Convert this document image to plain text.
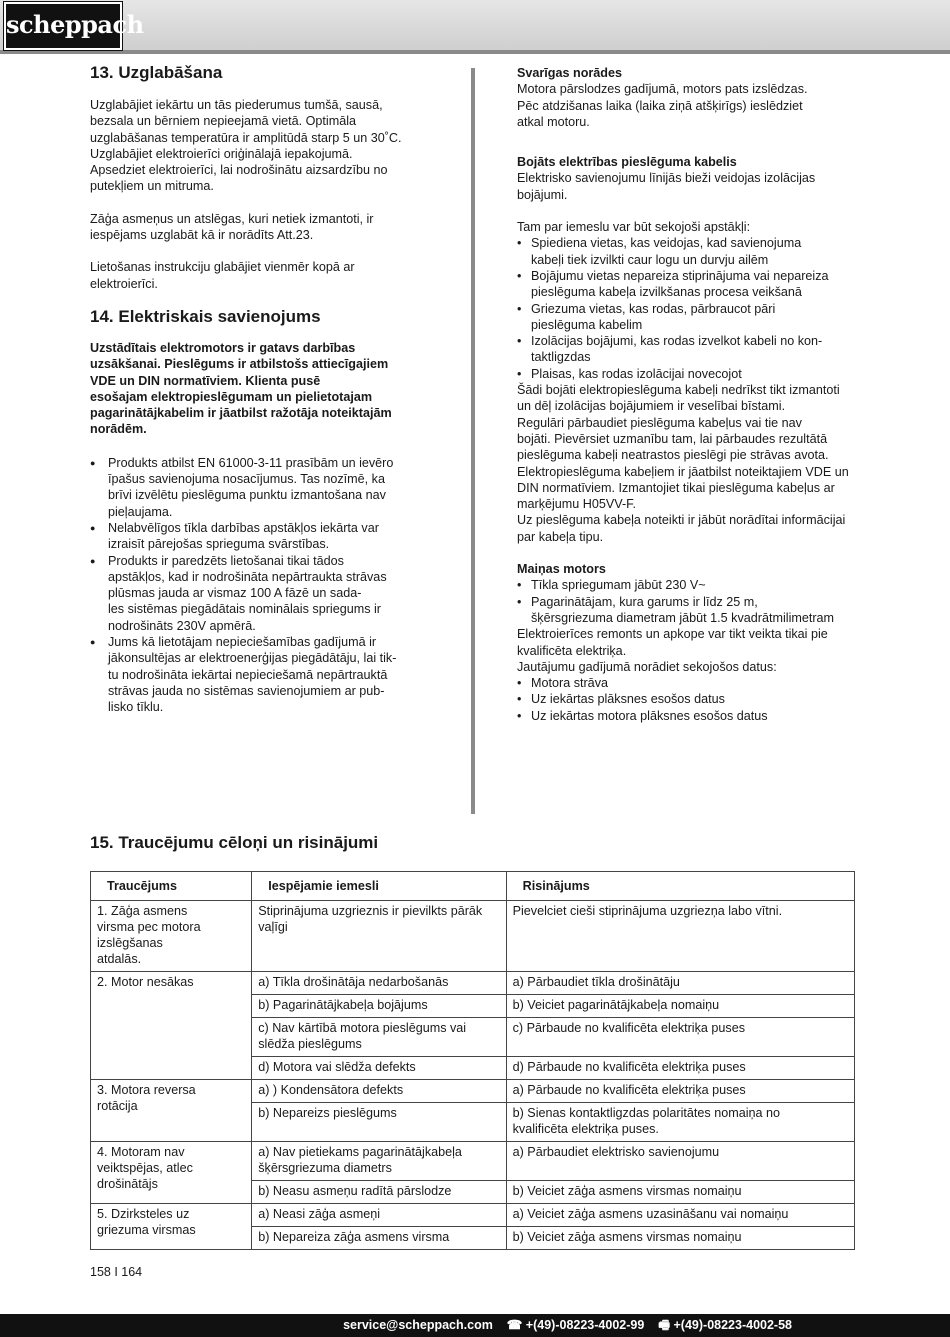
scheppach
13. Uzglabāšana

Uzglabājiet iekārtu un tās piederumus tumšā, sausā,
bezsala un bērniem nepieejamā vietā. Optimāla
uzglabāšanas temperatūra ir amplitūdā starp 5 un 30˚C.
Uzglabājiet elektroierīci oriģinālajā iepakojumā.
Apsedziet elektroierīci, lai nodrošinātu aizsardzību no
putekļiem un mitruma.

Zāģa asmeņus un atslēgas, kuri netiek izmantoti, ir
iespējams uzglabāt kā ir norādīts Att.23.

Lietošanas instrukciju glabājiet vienmēr kopā ar
elektroierīci.

14. Elektriskais savienojums

Uzstādītais elektromotors ir gatavs darbības
uzsākšanai. Pieslēgums ir atbilstošs attiecīgajiem
VDE un DIN normatīviem. Klienta pusē
esošajam elektropieslēgumam un pielietotajam
pagarinātājkabelim ir jāatbilst ražotāja noteiktajām
norādēm.

● Produkts atbilst EN 61000-3-11 prasībām un ievēro
īpašus savienojuma nosacījumus. Tas nozīmē, ka
brīvi izvēlētu pieslēguma punktu izmantošana nav
pieļaujama.
● Nelabvēlīgos tīkla darbības apstākļos iekārta var
izraisīt pārejošas sprieguma svārstības.
● Produkts ir paredzēts lietošanai tikai tādos
apstākļos, kad ir nodrošināta nepārtraukta strāvas
plūsmas jauda ar vismaz 100 A fāzē un sada-
les sistēmas piegādātais nominālais spriegums ir
nodrošināts 230V apmērā.
● Jums kā lietotājam nepieciešamības gadījumā ir
jākonsultējas ar elektroenerģijas piegādātāju, lai tik-
tu nodrošināta iekārtai nepieciešamā nepārtrauktā
strāvas jauda no sistēmas savienojumiem ar pub-
lisko tīklu.

Svarīgas norādes

Motora pārslodzes gadījumā, motors pats izslēdzas.
Pēc atdzišanas laika (laika ziņā atšķirīgs) ieslēdziet
atkal motoru.

Bojāts elektrības pieslēguma kabelis

Elektrisko savienojumu līnijās bieži veidojas izolācijas
bojājumi.

Tam par iemeslu var būt sekojoši apstākļi:

• Spiediena vietas, kas veidojas, kad savienojuma
kabeļi tiek izvilkti caur logu un durvju ailēm
• Bojājumu vietas nepareiza stiprinājuma vai nepareiza
pieslēguma kabeļa izvilkšanas procesa veikšanā
• Griezuma vietas, kas rodas, pārbraucot pāri
pieslēguma kabelim
• Izolācijas bojājumi, kas rodas izvelkot kabeli no kon-
taktligzdas
• Plaisas, kas rodas izolācijai novecojot

Šādi bojāti elektropieslēguma kabeļi nedrīkst tikt izmantoti
un dēļ izolācijas bojājumiem ir veselībai bīstami.
Regulāri pārbaudiet pieslēguma kabeļus vai tie nav
bojāti. Pievērsiet uzmanību tam, lai pārbaudes rezultātā
pieslēguma kabeļi neatrastos pieslēgi pie strāvas avota.
Elektropieslēguma kabeļiem ir jāatbilst noteiktajiem VDE un
DIN normatīviem. Izmantojiet tikai pieslēguma kabeļus ar
marķējumu H05VV-F.
Uz pieslēguma kabeļa noteikti ir jābūt norādītai informācijai
par kabeļa tipu.

Maiņas motors

• Tīkla spriegumam jābūt 230 V~
• Pagarinātājam, kura garums ir līdz 25 m,

šķērsgriezuma diametram jābūt 1.5 kvadrātmilimetram

Elektroierīces remonts un apkope var tikt veikta tikai pie
kvalificēta elektriķa.
Jautājumu gadījumā norādiet sekojošos datus:

• Motora strāva
• Uz iekārtas plāksnes esošos datus
• Uz iekārtas motora plāksnes esošos datus
15. Traucējumu cēloņi un risinājumi
Traucējums	Iespējamie iemesli	Risinājums
1. Zāģa asmens
virsma pec motora
izslēgšanas
atdalās.	Stiprinājuma uzgrieznis ir pievilkts pārāk
vaļīgi	Pievelciet cieši stiprinājuma uzgriezņa labo vītni.
2. Motor nesākas	a) Tīkla drošinātāja nedarbošanās	a) Pārbaudiet tīkla drošinātāju
	b) Pagarinātājkabeļa bojājums	b) Veiciet pagarinātājkabeļa nomaiņu
	c) Nav kārtībā motora pieslēgums vai
slēdža pieslēgums	c) Pārbaude no kvalificēta elektriķa puses
	d) Motora vai slēdža defekts	d) Pārbaude no kvalificēta elektriķa puses
3. Motora reversa
rotācija	a) ) Kondensātora defekts	a) Pārbaude no kvalificēta elektriķa puses
	b) Nepareizs pieslēgums	b) Sienas kontaktligzdas polaritātes nomaiņa no
kvalificēta elektriķa puses.
4. Motoram nav
veiktspējas, atlec
drošinātājs	a) Nav pietiekams pagarinātājkabeļa
šķērsgriezuma diametrs	a) Pārbaudiet elektrisko savienojumu
	b) Neasu asmeņu radītā pārslodze	b) Veiciet zāģa asmens virsmas nomaiņu
5. Dzirksteles uz
griezuma virsmas	a) Neasi zāģa asmeņi	a) Veiciet zāģa asmens uzasināšanu vai nomaiņu
	b) Nepareiza zāģa asmens virsma	b) Veiciet zāģa asmens virsmas nomaiņu
158 I 164
service@scheppach.com ☎ +(49)-08223-4002-99 🖷 +(49)-08223-4002-58
